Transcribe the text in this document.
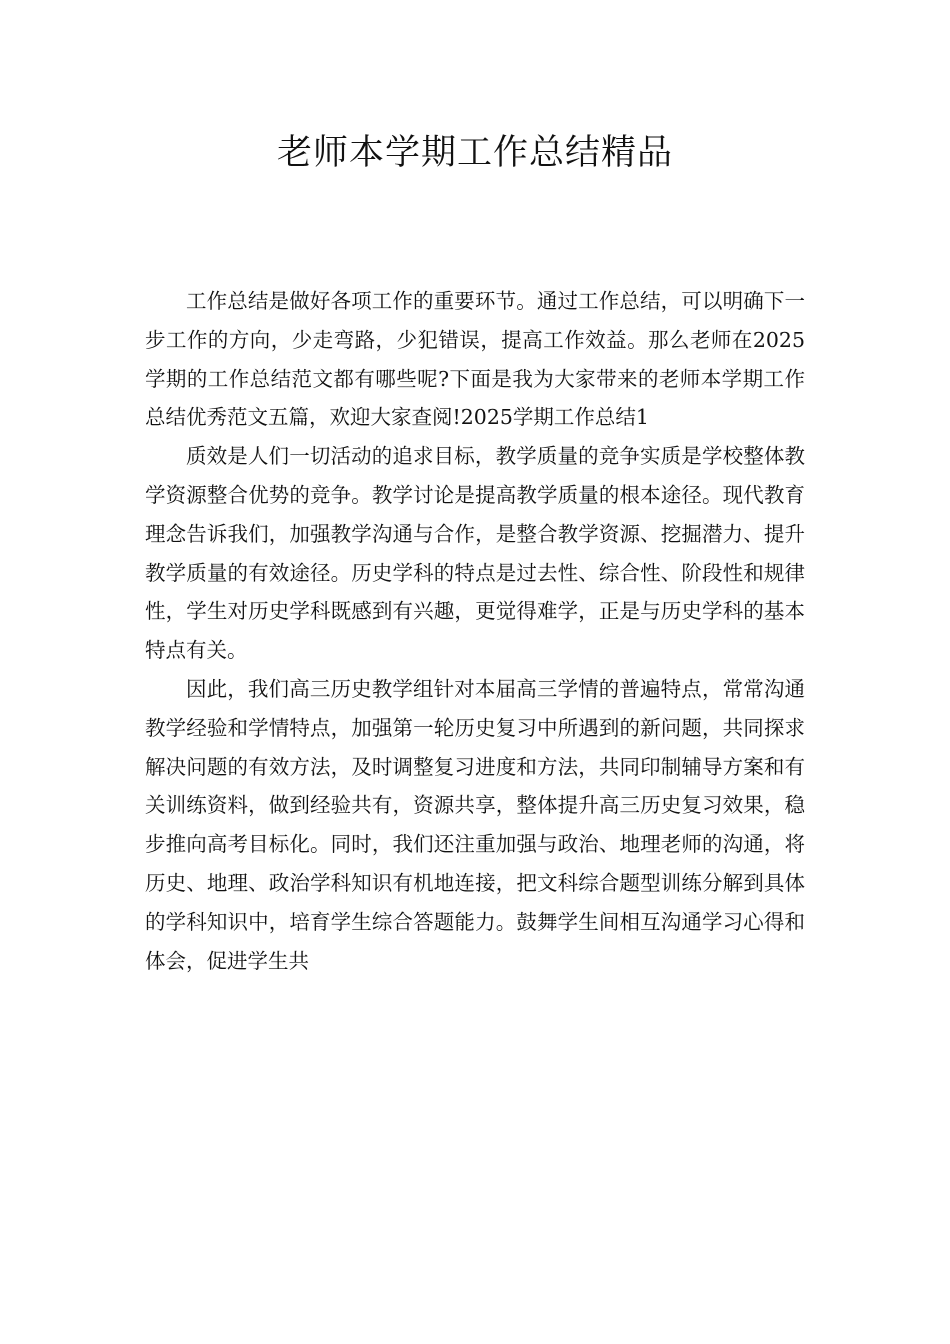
老师本学期工作总结精品

工作总结是做好各项工作的重要环节。通过工作总结，可以明确下一步工作的方向，少走弯路，少犯错误，提高工作效益。那么老师在2025学期的工作总结范文都有哪些呢?下面是我为大家带来的老师本学期工作总结优秀范文五篇，欢迎大家查阅!2025学期工作总结1

质效是人们一切活动的追求目标，教学质量的竞争实质是学校整体教学资源整合优势的竞争。教学讨论是提高教学质量的根本途径。现代教育理念告诉我们，加强教学沟通与合作，是整合教学资源、挖掘潜力、提升教学质量的有效途径。历史学科的特点是过去性、综合性、阶段性和规律性，学生对历史学科既感到有兴趣，更觉得难学，正是与历史学科的基本特点有关。

因此，我们高三历史教学组针对本届高三学情的普遍特点，常常沟通教学经验和学情特点，加强第一轮历史复习中所遇到的新问题，共同探求解决问题的有效方法，及时调整复习进度和方法，共同印制辅导方案和有关训练资料，做到经验共有，资源共享，整体提升高三历史复习效果，稳步推向高考目标化。同时，我们还注重加强与政治、地理老师的沟通，将历史、地理、政治学科知识有机地连接，把文科综合题型训练分解到具体的学科知识中，培育学生综合答题能力。鼓舞学生间相互沟通学习心得和体会，促进学生共
